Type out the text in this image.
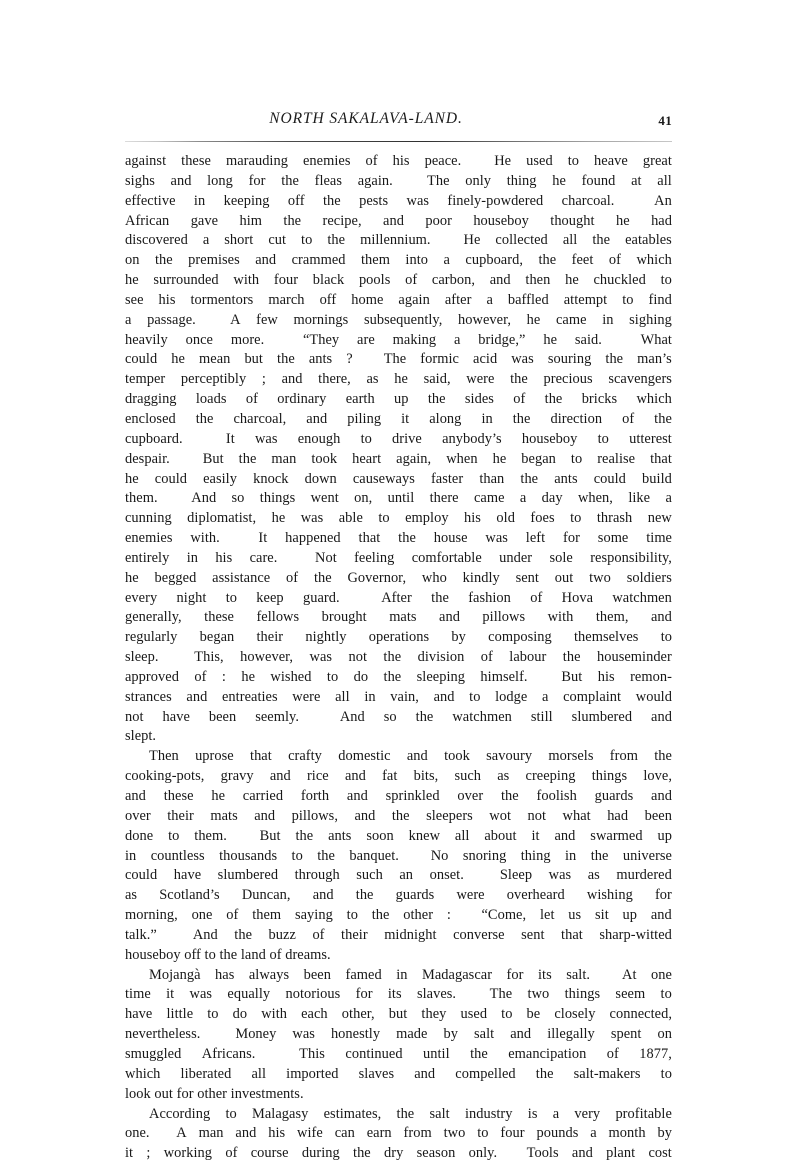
NORTH SAKALAVA-LAND.	41
against these marauding enemies of his peace.
  He used to heave great
sighs and long for the fleas again.
  The only thing he found at all
effective in keeping off the pests was finely-powdered charcoal.
 	An
African gave him the recipe, and poor houseboy thought he had
discovered a short cut to the millennium.
  He collected all the eatables
on the premises and crammed them into a cupboard, the feet of which
he surrounded with four black pools of carbon, and then he chuckled to
see his tormentors march off home again after a baffled attempt to find
a passage.
  A few mornings subsequently, however, he came in sighing
heavily once more.
 	“They are making a bridge,” he said.
 	What
could he mean but the ants ?
  The formic acid was souring the man’s
temper perceptibly ; and there, as he said, were the precious scavengers
dragging loads of ordinary earth up the sides of the bricks which
enclosed the charcoal, and piling it along in the direction of the
cupboard.
 	It was enough to drive anybody’s houseboy to utterest
despair.
  But the man took heart again, when he began to realise that
he could easily knock down causeways faster than the ants could build
them.
  And so things went on, until there came a day when, like a
cunning diplomatist, he was able to employ his old foes to thrash new
enemies with.
 	It happened that the house was left for some time
entirely in his care.
 	Not feeling comfortable under sole responsibility,
he begged assistance of the Governor, who kindly sent out two soldiers
every night to keep guard.
 	After the fashion of Hova watchmen
generally, these fellows brought mats and pillows with them, and
regularly began their nightly operations by composing themselves to
sleep.
  This, however, was not the division of labour the houseminder
approved of : he wished to do the sleeping himself.
  But his remon-
strances and entreaties were all in vain, and to lodge a complaint would
not have been seemly.
 	And so the watchmen still slumbered and
slept.
Then	uprose	that	crafty	domestic	and	took	savoury	morsels	from	the
cooking-pots, gravy and rice and fat bits, such as creeping things love,
and these he carried forth and sprinkled over the foolish guards and
over their mats and pillows, and the sleepers wot not what had been
done to them.
  But the ants soon knew all about it and swarmed up
in countless thousands to the banquet.
  No snoring thing in the universe
could have slumbered through such an onset.
 	Sleep was as murdered
as Scotland’s Duncan, and the guards were overheard wishing for
morning, one of them saying to the other :
  “Come, let us sit up and
talk.”
  And the buzz of their midnight converse sent that sharp-witted
houseboy off to the land of dreams.
Mojangà	has	always	been	famed	in	Madagascar	for	its	salt.
 	At	one
time it was equally notorious for its slaves.
  The two things seem to
have little to do with each other, but they used to be closely connected,
nevertheless.
  Money was honestly made by salt and illegally spent on
smuggled Africans.
 	This continued until the emancipation of 1877,
which liberated all imported slaves and compelled the salt-makers to
look out for other investments.
According	to	Malagasy	estimates,	the	salt	industry	is	a	very	profitable
one.
  A man and his wife can earn from two to four pounds a month by
it ; working of course during the dry season only.
  Tools and plant cost
